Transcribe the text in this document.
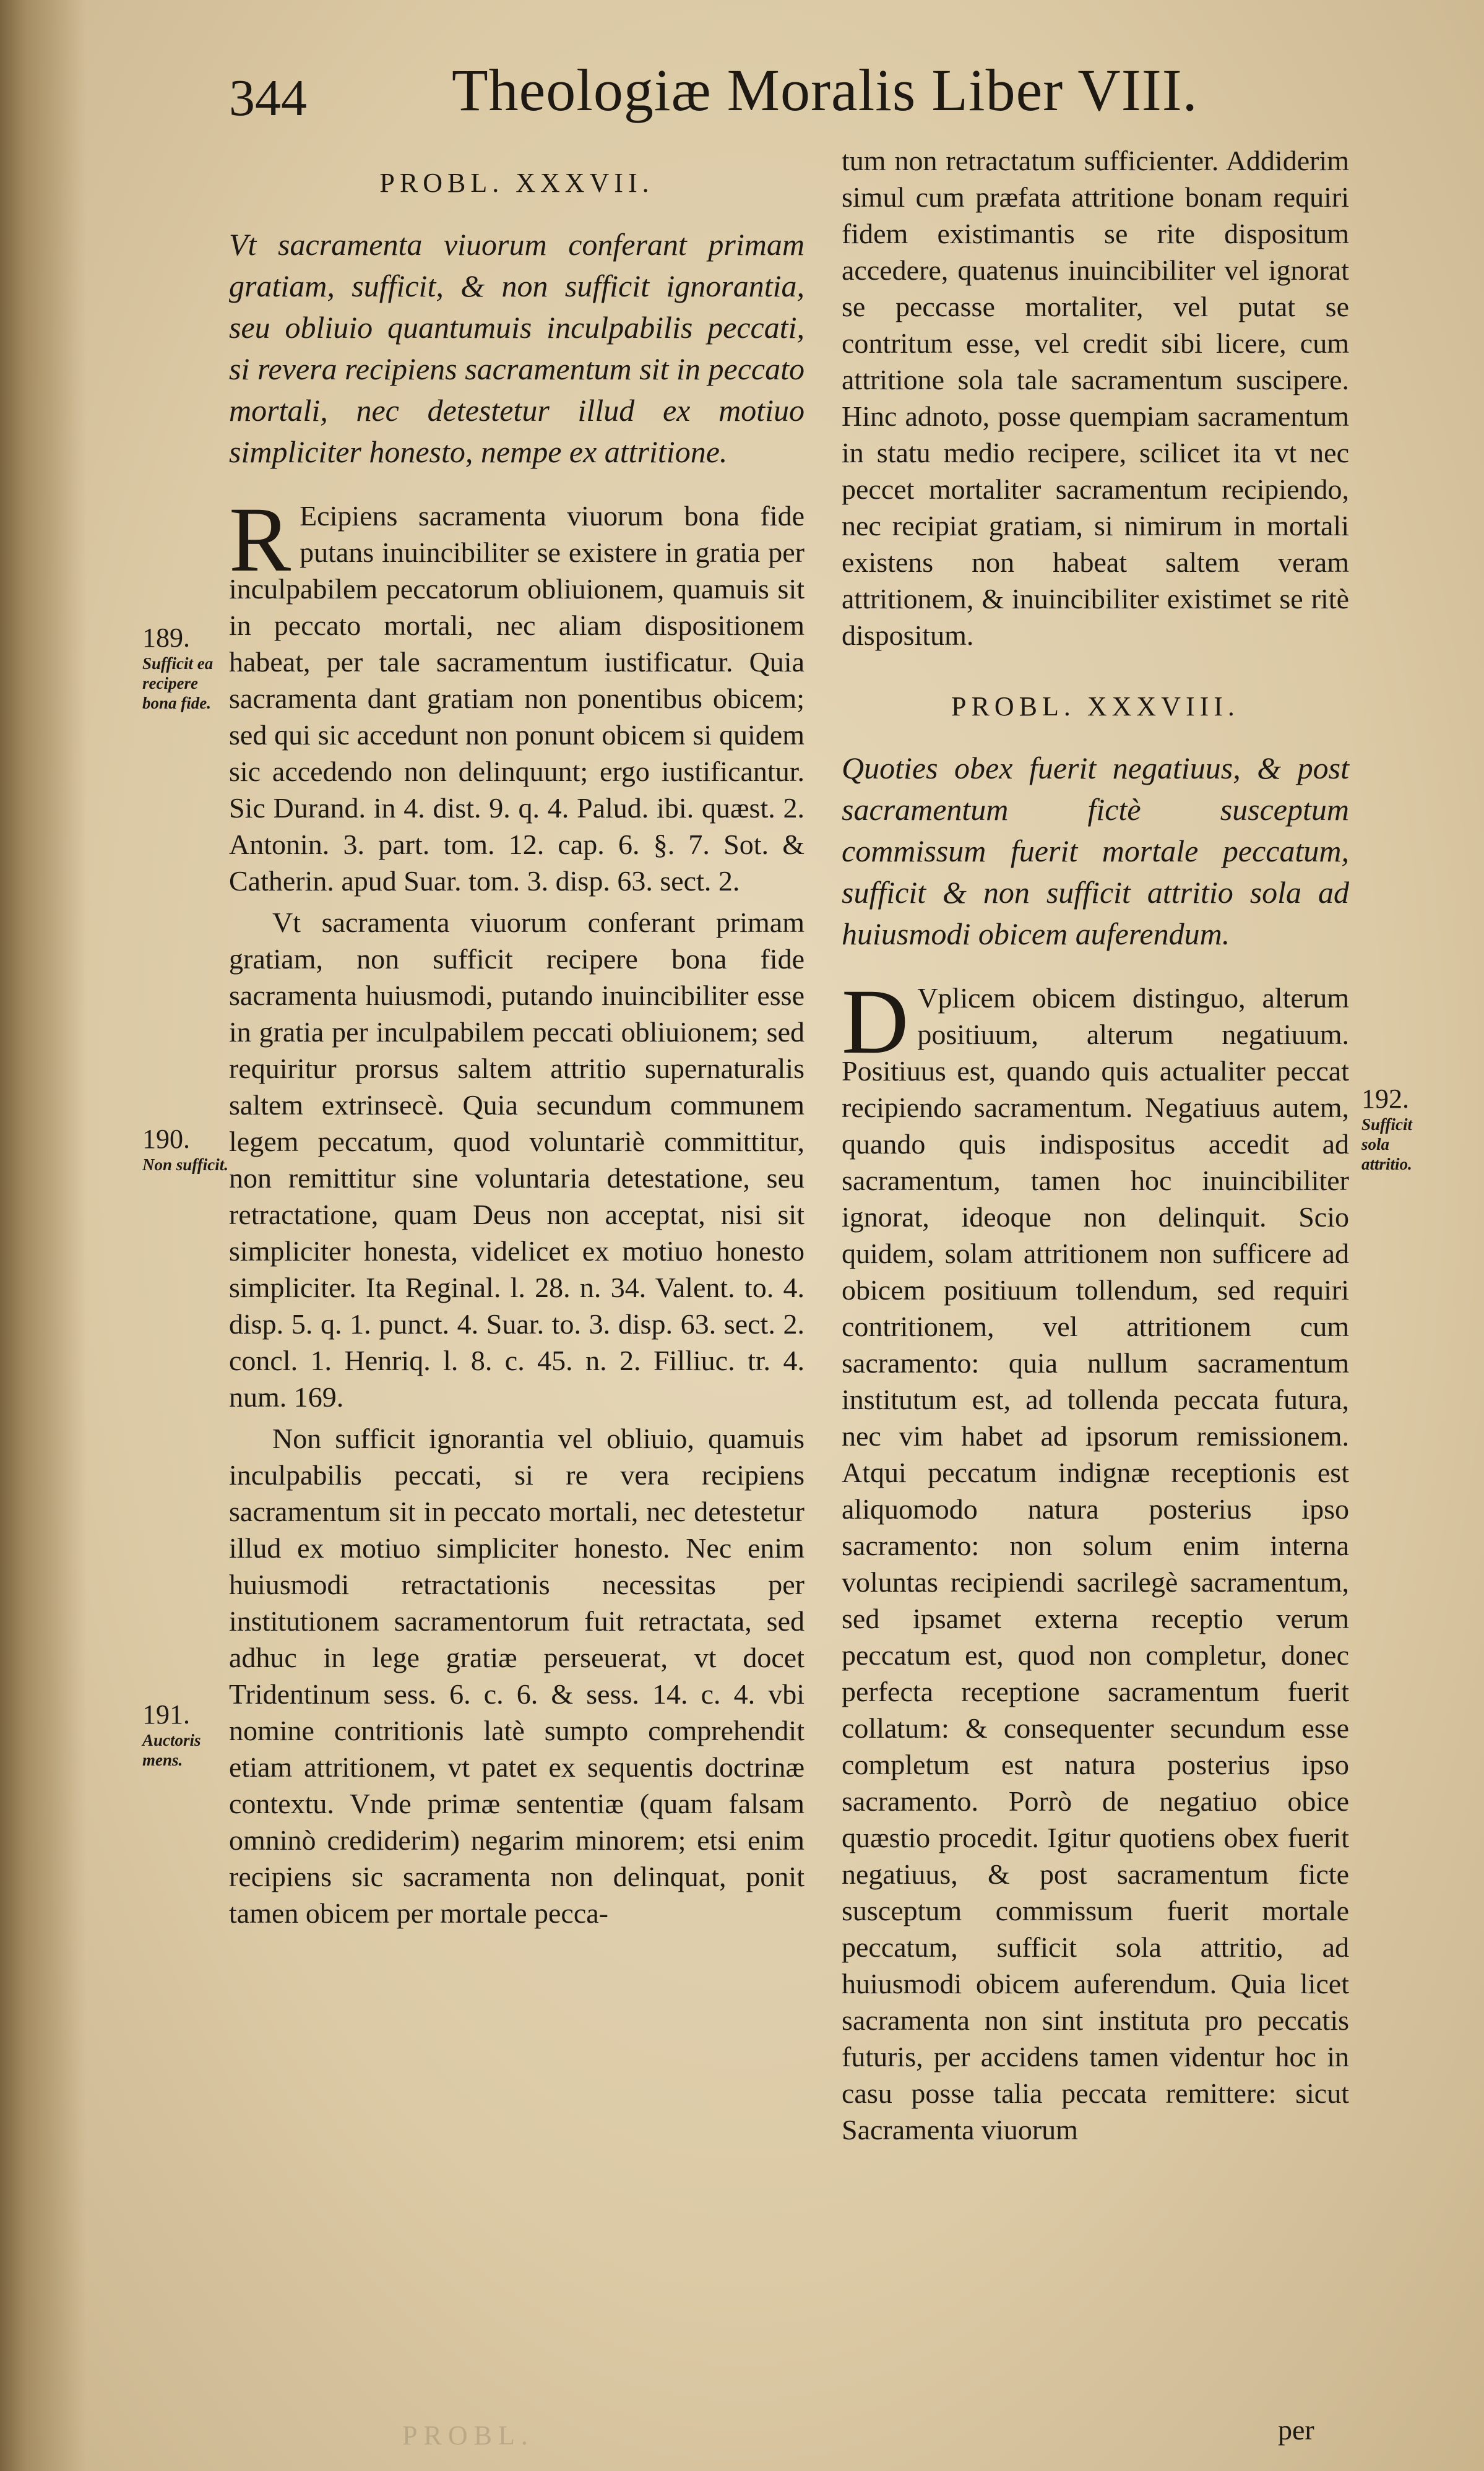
344 Theologiæ Moralis Liber VIII.
PROBL. XXXVII.
Vt sacramenta viuorum conferant primam gratiam, sufficit, & non sufficit ignorantia, seu obliuio quantumuis inculpabilis peccati, si revera recipiens sacramentum sit in peccato mortali, nec detestetur illud ex motiuo simpliciter honesto, nempe ex attritione.

R Ecipiens sacramenta viuorum bona fide putans inuincibiliter se existere in gratia per inculpabilem peccatorum obliuionem, quamuis sit in peccato mortali, nec aliam dispositionem habeat, per tale sacramentum iustificatur. Quia sacramenta dant gratiam non ponentibus obicem; sed qui sic accedunt non ponunt obicem si quidem sic accedendo non delinquunt; ergo iustificantur. Sic Durand. in 4. dist. 9. q. 4. Palud. ibi. quæst. 2. Antonin. 3. part. tom. 12. cap. 6. §. 7. Sot. & Catherin. apud Suar. tom. 3. disp. 63. sect. 2.

Vt sacramenta viuorum conferant primam gratiam, non sufficit recipere bona fide sacramenta huiusmodi, putando inuincibiliter esse in gratia per inculpabilem peccati obliuionem; sed requiritur prorsus saltem attritio supernaturalis saltem extrinsecè. Quia secundum communem legem peccatum, quod voluntariè committitur, non remittitur sine voluntaria detestatione, seu retractatione, quam Deus non acceptat, nisi sit simpliciter honesta, videlicet ex motiuo honesto simpliciter. Ita Reginal. l. 28. n. 34. Valent. to. 4. disp. 5. q. 1. punct. 4. Suar. to. 3. disp. 63. sect. 2. concl. 1. Henriq. l. 8. c. 45. n. 2. Filliuc. tr. 4. num. 169.

Non sufficit ignorantia vel obliuio, quamuis inculpabilis peccati, si re vera recipiens sacramentum sit in peccato mortali, nec detestetur illud ex motiuo simpliciter honesto. Nec enim huiusmodi retractationis necessitas per institutionem sacramentorum fuit retractata, sed adhuc in lege gratiæ perseuerat, vt docet Tridentinum sess. 6. c. 6. & sess. 14. c. 4. vbi nomine contritionis latè sumpto comprehendit etiam attritionem, vt patet ex sequentis doctrinæ contextu. Vnde primæ sententiæ (quam falsam omninò crediderim) negarim minorem; etsi enim recipiens sic sacramenta non delinquat, ponit tamen obicem per mortale pecca-

tum non retractatum sufficienter. Addiderim simul cum præfata attritione bonam requiri fidem existimantis se rite dispositum accedere, quatenus inuincibiliter vel ignorat se peccasse mortaliter, vel putat se contritum esse, vel credit sibi licere, cum attritione sola tale sacramentum suscipere. Hinc adnoto, posse quempiam sacramentum in statu medio recipere, scilicet ita vt nec peccet mortaliter sacramentum recipiendo, nec recipiat gratiam, si nimirum in mortali existens non habeat saltem veram attritionem, & inuincibiliter existimet se ritè dispositum.

PROBL. XXXVIII.
Quoties obex fuerit negatiuus, & post sacramentum fictè susceptum commissum fuerit mortale peccatum, sufficit & non sufficit attritio sola ad huiusmodi obicem auferendum.

D Vplicem obicem distinguo, alterum positiuum, alterum negatiuum. Positiuus est, quando quis actualiter peccat recipiendo sacramentum. Negatiuus autem, quando quis indispositus accedit ad sacramentum, tamen hoc inuincibiliter ignorat, ideoque non delinquit. Scio quidem, solam attritionem non sufficere ad obicem positiuum tollendum, sed requiri contritionem, vel attritionem cum sacramento: quia nullum sacramentum institutum est, ad tollenda peccata futura, nec vim habet ad ipsorum remissionem. Atqui peccatum indignæ receptionis est aliquomodo natura posterius ipso sacramento: non solum enim interna voluntas recipiendi sacrilegè sacramentum, sed ipsamet externa receptio verum peccatum est, quod non completur, donec perfecta receptione sacramentum fuerit collatum: & consequenter secundum esse completum est natura posterius ipso sacramento. Porrò de negatiuo obice quæstio procedit. Igitur quotiens obex fuerit negatiuus, & post sacramentum ficte susceptum commissum fuerit mortale peccatum, sufficit sola attritio, ad huiusmodi obicem auferendum. Quia licet sacramenta non sint instituta pro peccatis futuris, per accidens tamen videntur hoc in casu posse talia peccata remittere: sicut Sacramenta viuorum

189.
Sufficit ea recipere bona fide.
190.
Non sufficit.
191.
Auctoris mens.
192.
Sufficit sola attritio.
PROBL.	per
